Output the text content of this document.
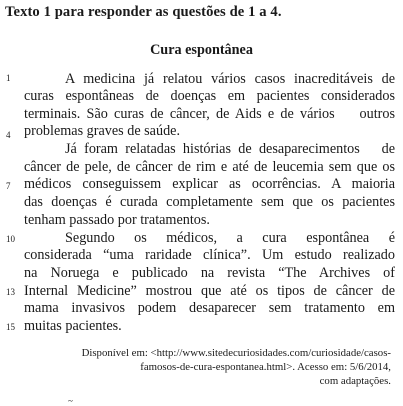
Texto 1 para responder as questões de 1 a 4.
Cura espontânea
1
4
7
10
13
15
A medicina já relatou vários casos inacreditáveis de
curas espontâneas de doenças em pacientes considerados
terminais. São curas de câncer, de Aids e de vários    outros
problemas graves de saúde.
Já foram relatadas histórias de desaparecimentos   de
câncer de pele, de câncer de rim e até de leucemia sem que os
médicos conseguissem explicar as ocorrências. A maioria
das doenças é curada completamente sem que os pacientes
tenham passado por tratamentos.
Segundo os médicos, a cura espontânea é
considerada “uma raridade clínica”. Um estudo realizado
na Noruega e publicado na revista “The Archives of
Internal Medicine” mostrou que até os tipos de câncer de
mama invasivos podem desaparecer sem tratamento em
muitas pacientes.
Disponível em: <http://www.sitedecuriosidades.com/curiosidade/casos-
famosos-de-cura-espontanea.html>. Acesso em: 5/6/2014,
com adaptações.
~
